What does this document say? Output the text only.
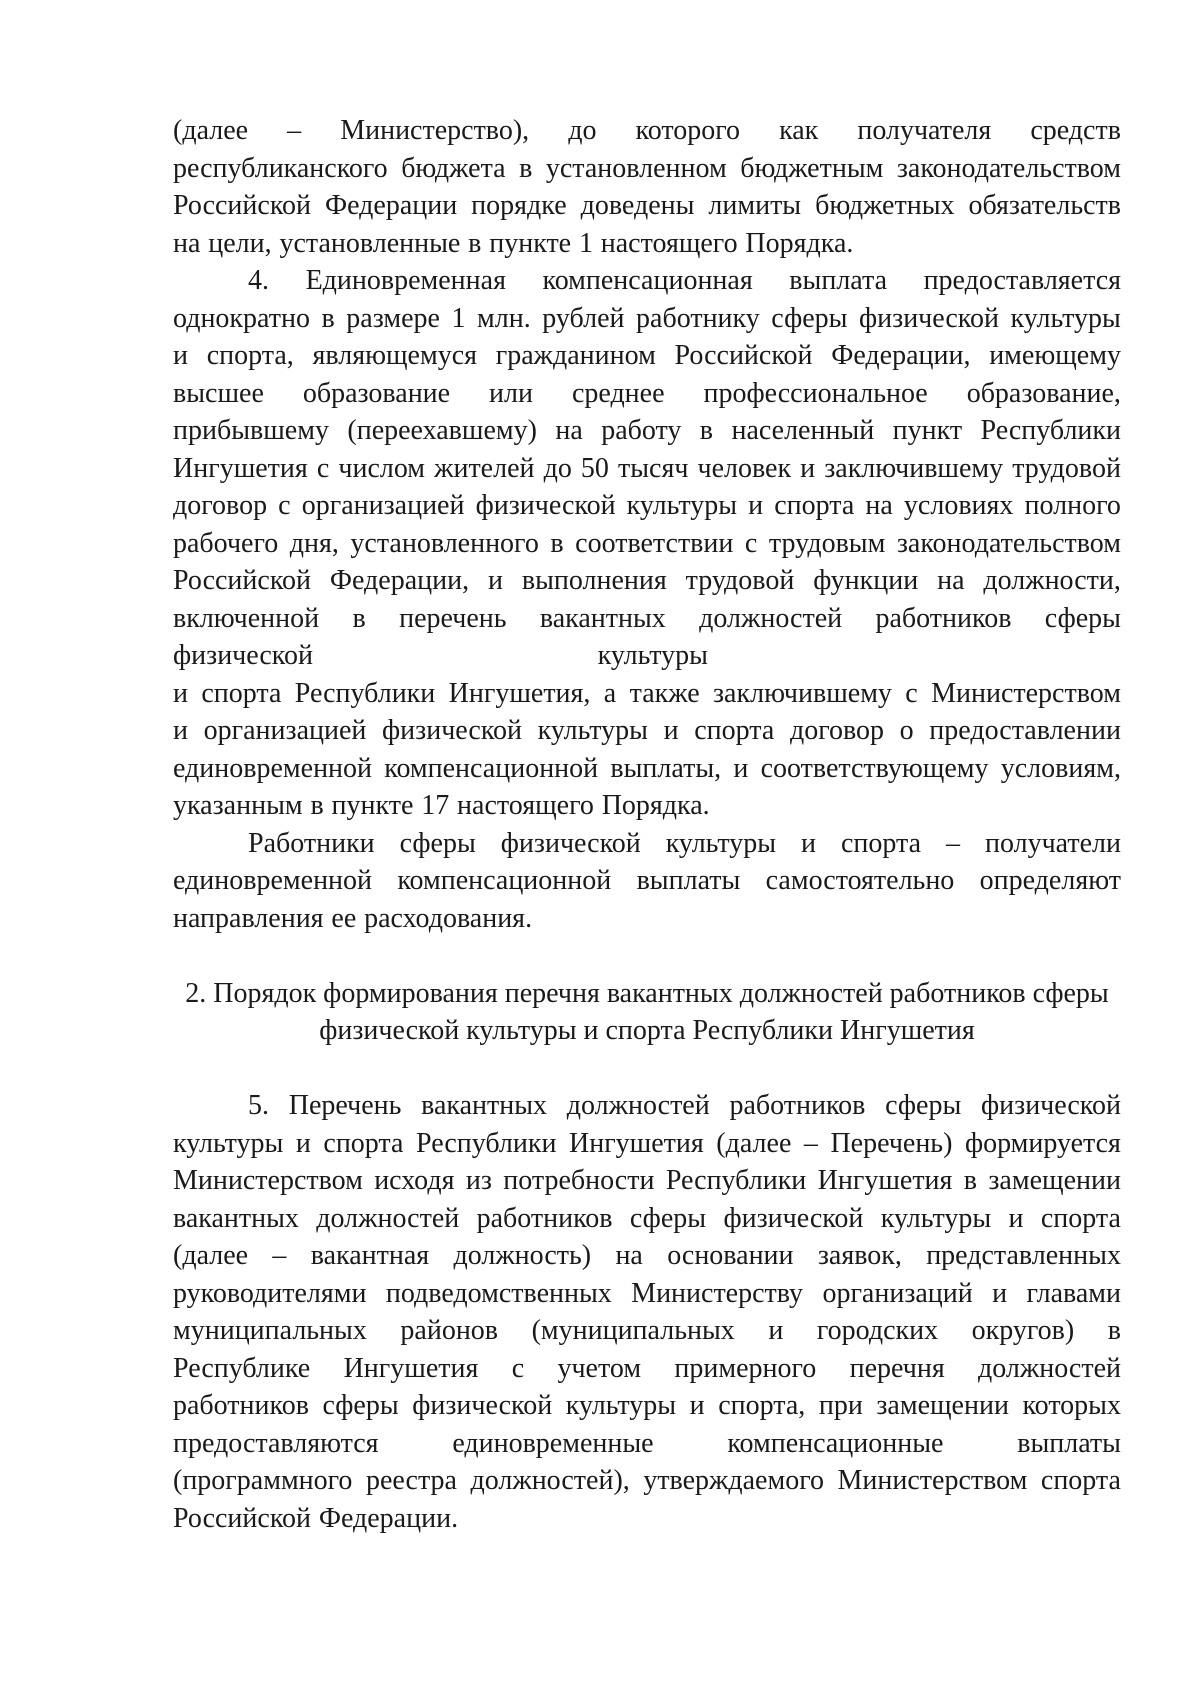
(далее – Министерство), до которого как получателя средств
республиканского бюджета в установленном бюджетным законодательством
Российской Федерации порядке доведены лимиты бюджетных обязательств
на цели, установленные в пункте 1 настоящего Порядка.
4. Единовременная компенсационная выплата предоставляется
однократно в размере 1 млн. рублей работнику сферы физической культуры
и спорта, являющемуся гражданином Российской Федерации, имеющему
высшее образование или среднее профессиональное образование,
прибывшему (переехавшему) на работу в населенный пункт Республики
Ингушетия с числом жителей до 50 тысяч человек и заключившему трудовой
договор с организацией физической культуры и спорта на условиях полного
рабочего дня, установленного в соответствии с трудовым законодательством
Российской Федерации, и выполнения трудовой функции на должности,
включенной в перечень вакантных должностей работников сферы
физической	культуры
и спорта Республики Ингушетия, а также заключившему с Министерством
и организацией физической культуры и спорта договор о предоставлении
единовременной компенсационной выплаты, и соответствующему условиям,
указанным в пункте 17 настоящего Порядка.
Работники сферы физической культуры и спорта – получатели
единовременной компенсационной выплаты самостоятельно определяют
направления ее расходования.
2. Порядок формирования перечня вакантных должностей работников сферы
физической культуры и спорта Республики Ингушетия
5. Перечень вакантных должностей работников сферы физической
культуры и спорта Республики Ингушетия (далее – Перечень) формируется
Министерством исходя из потребности Республики Ингушетия в замещении
вакантных должностей работников сферы физической культуры и спорта
(далее – вакантная должность) на основании заявок, представленных
руководителями подведомственных Министерству организаций и главами
муниципальных районов (муниципальных и городских округов) в
Республике Ингушетия с учетом примерного перечня должностей
работников сферы физической культуры и спорта, при замещении которых
предоставляются	единовременные	компенсационные	выплаты
(программного реестра должностей), утверждаемого Министерством спорта
Российской Федерации.
